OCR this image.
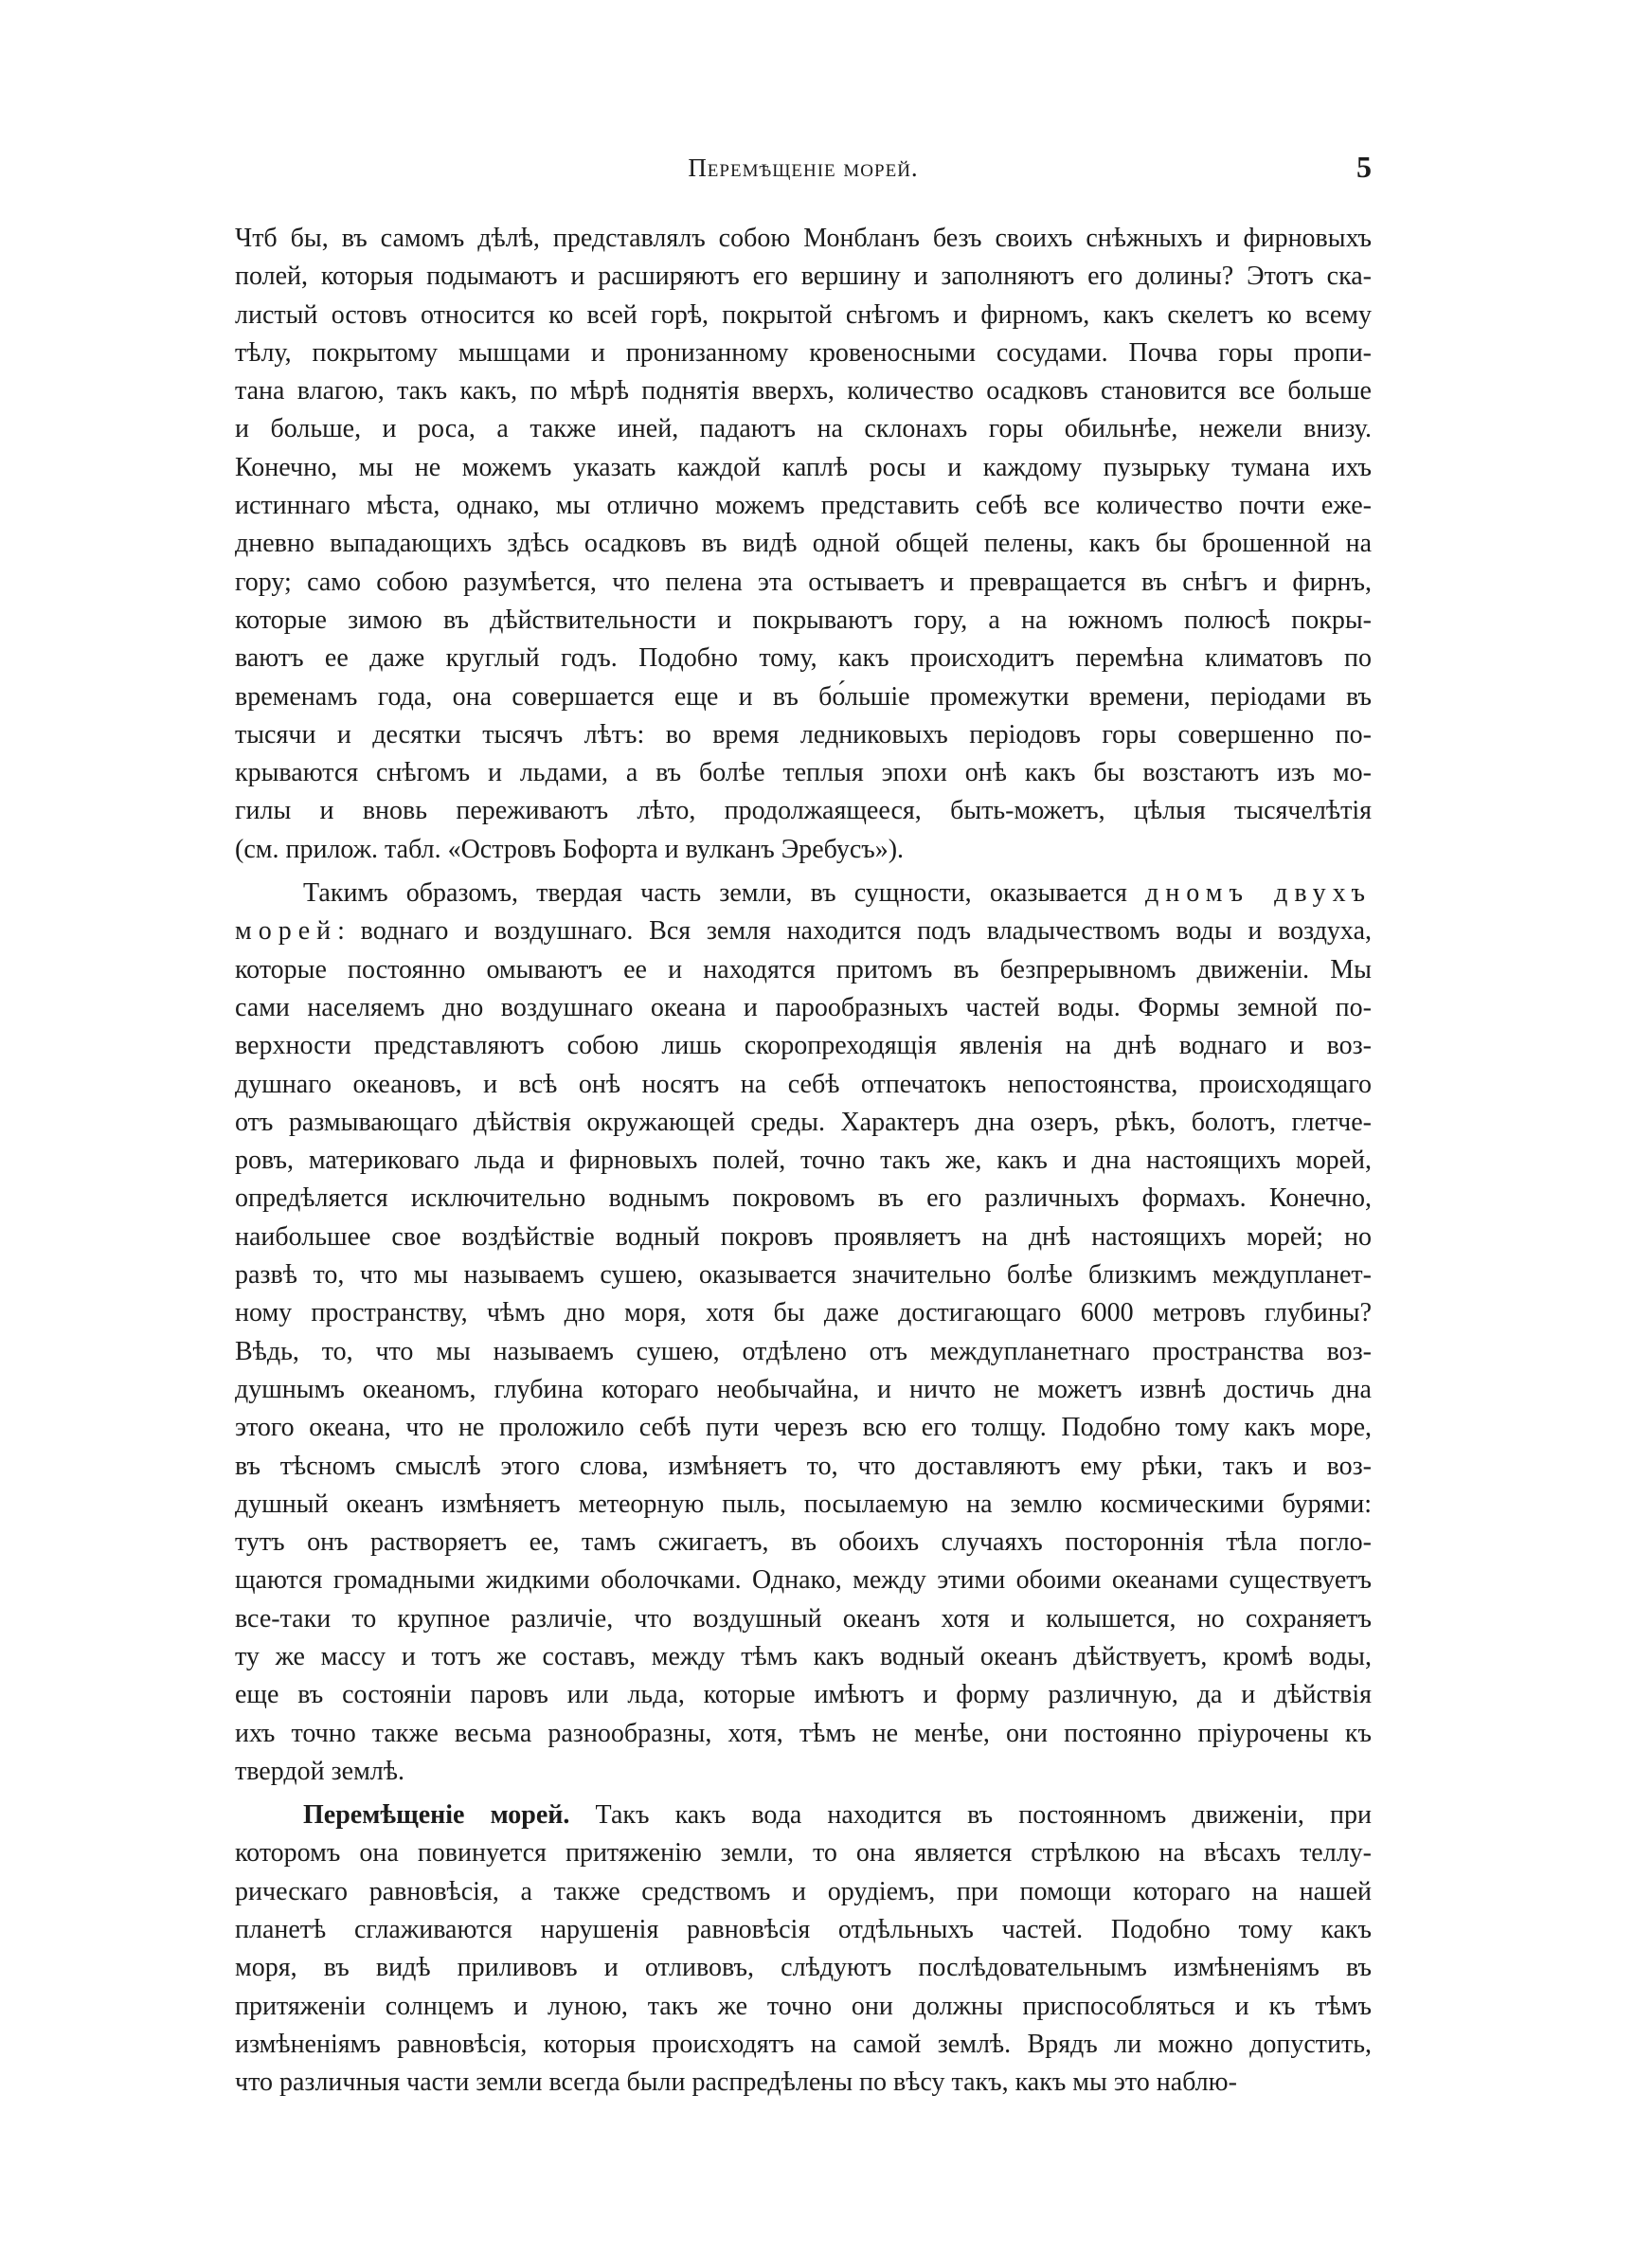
Перемѣщеніе морей.	5
Чтб бы, въ самомъ дѣлѣ, представлялъ собою Монбланъ безъ своихъ снѣжныхъ и фирновыхъ
полей, которыя подымаютъ и расширяютъ его вершину и заполняютъ его долины? Этотъ ска-
листый остовъ относится ко всей горѣ, покрытой снѣгомъ и фирномъ, какъ скелетъ ко всему
тѣлу, покрытому мышцами и пронизанному кровеносными сосудами. Почва горы пропи-
тана влагою, такъ какъ, по мѣрѣ поднятія вверхъ, количество осадковъ становится все больше
и больше, и роса, а также иней, падаютъ на склонахъ горы обильнѣе, нежели внизу.
Конечно, мы не можемъ указать каждой каплѣ росы и каждому пузырьку тумана ихъ
истиннаго мѣста, однако, мы отлично можемъ представить себѣ все количество почти еже-
дневно выпадающихъ здѣсь осадковъ въ видѣ одной общей пелены, какъ бы брошенной на
гору; само собою разумѣется, что пелена эта остываетъ и превращается въ снѣгъ и фирнъ,
которые зимою въ дѣйствительности и покрываютъ гору, а на южномъ полюсѣ покры-
ваютъ ее даже круглый годъ. Подобно тому, какъ происходитъ перемѣна климатовъ по
временамъ года, она совершается еще и въ бо́льшіе промежутки времени, періодами въ
тысячи и десятки тысячъ лѣтъ: во время ледниковыхъ періодовъ горы совершенно по-
крываются снѣгомъ и льдами, а въ болѣе теплыя эпохи онѣ какъ бы возстаютъ изъ мо-
гилы и вновь переживаютъ лѣто, продолжаящееся, быть-можетъ, цѣлыя тысячелѣтія
(см. прилож. табл. «Островъ Бофорта и вулканъ Эребусъ»).
Такимъ образомъ, твердая часть земли, въ сущности, оказывается дномъ двухъ
морей: воднаго и воздушнаго. Вся земля находится подъ владычествомъ воды и воздуха,
которые постоянно омываютъ ее и находятся притомъ въ безпрерывномъ движеніи. Мы
сами населяемъ дно воздушнаго океана и парообразныхъ частей воды. Формы земной по-
верхности представляютъ собою лишь скоропреходящія явленія на днѣ воднаго и воз-
душнаго океановъ, и всѣ онѣ носятъ на себѣ отпечатокъ непостоянства, происходящаго
отъ размывающаго дѣйствія окружающей среды. Характеръ дна озеръ, рѣкъ, болотъ, глетче-
ровъ, материковаго льда и фирновыхъ полей, точно такъ же, какъ и дна настоящихъ морей,
опредѣляется исключительно воднымъ покровомъ въ его различныхъ формахъ. Конечно,
наибольшее свое воздѣйствіе водный покровъ проявляетъ на днѣ настоящихъ морей; но
развѣ то, что мы называемъ сушею, оказывается значительно болѣе близкимъ междупланет-
ному пространству, чѣмъ дно моря, хотя бы даже достигающаго 6000 метровъ глубины?
Вѣдь, то, что мы называемъ сушею, отдѣлено отъ междупланетнаго пространства воз-
душнымъ океаномъ, глубина котораго необычайна, и ничто не можетъ извнѣ достичь дна
этого океана, что не проложило себѣ пути черезъ всю его толщу. Подобно тому какъ море,
въ тѣсномъ смыслѣ этого слова, измѣняетъ то, что доставляютъ ему рѣки, такъ и воз-
душный океанъ измѣняетъ метеорную пыль, посылаемую на землю космическими бурями:
тутъ онъ растворяетъ ее, тамъ сжигаетъ, въ обоихъ случаяхъ постороннія тѣла погло-
щаются громадными жидкими оболочками. Однако, между этими обоими океанами существуетъ
все-таки то крупное различіе, что воздушный океанъ хотя и колышется, но сохраняетъ
ту же массу и тотъ же составъ, между тѣмъ какъ водный океанъ дѣйствуетъ, кромѣ воды,
еще въ состояніи паровъ или льда, которые имѣютъ и форму различную, да и дѣйствія
ихъ точно также весьма разнообразны, хотя, тѣмъ не менѣе, они постоянно пріурочены къ
твердой землѣ.
Перемѣщеніе морей. Такъ какъ вода находится въ постоянномъ движеніи, при
которомъ она повинуется притяженію земли, то она является стрѣлкою на вѣсахъ теллу-
рическаго равновѣсія, а также средствомъ и орудіемъ, при помощи котораго на нашей
планетѣ сглаживаются нарушенія равновѣсія отдѣльныхъ частей. Подобно тому какъ
моря, въ видѣ приливовъ и отливовъ, слѣдуютъ послѣдовательнымъ измѣненіямъ въ
притяженіи солнцемъ и луною, такъ же точно они должны приспособляться и къ тѣмъ
измѣненіямъ равновѣсія, которыя происходятъ на самой землѣ. Врядъ ли можно допустить,
что различныя части земли всегда были распредѣлены по вѣсу такъ, какъ мы это наблю-
